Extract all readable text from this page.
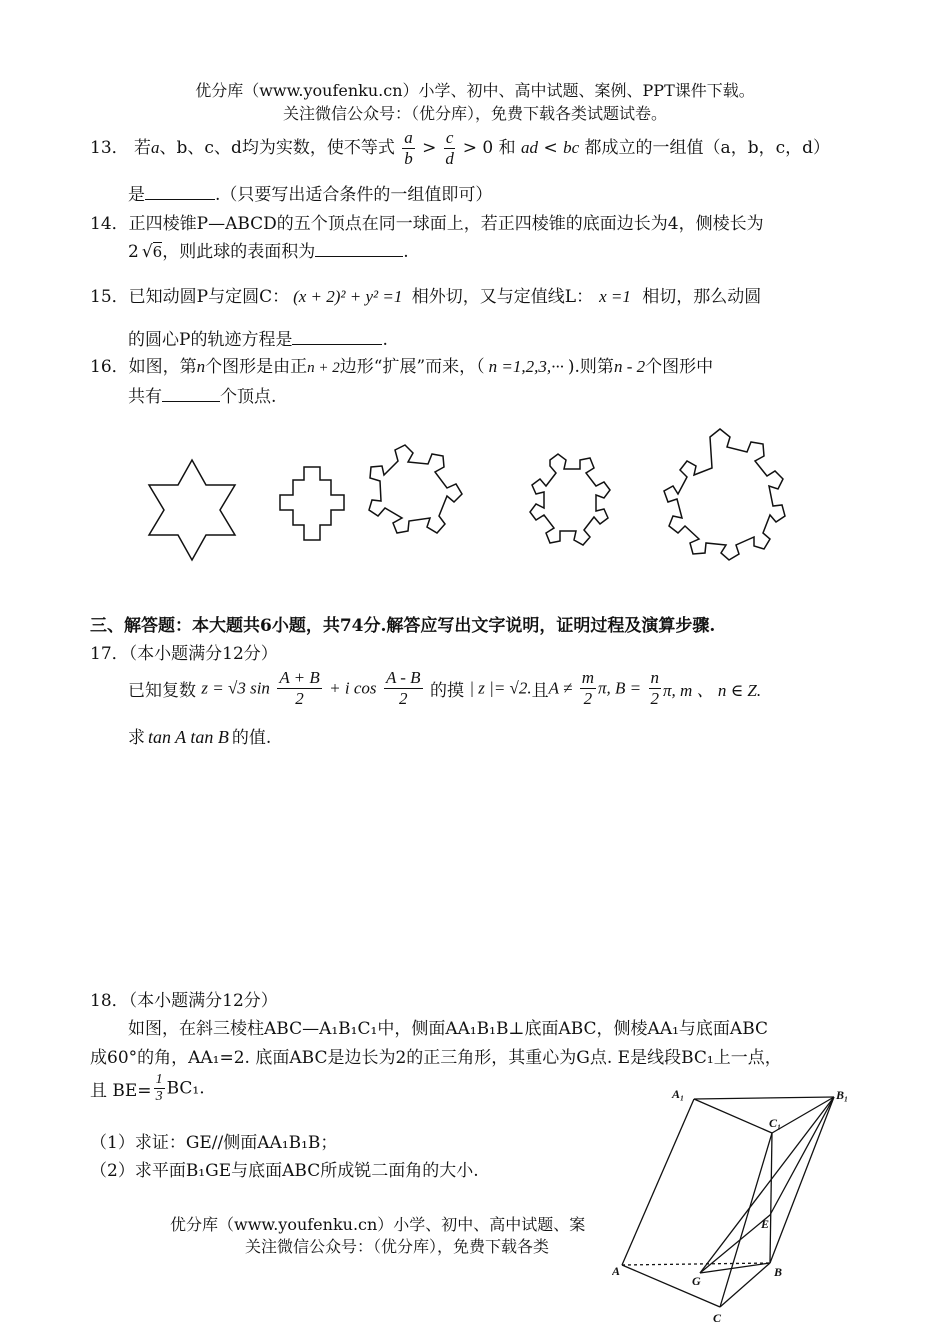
优分库（www.youfenku.cn）小学、初中、高中试题、案例、PPT课件下载。
关注微信公众号：（优分库），免费下载各类试题试卷。
13． 若a、b、c、d均为实数，使不等式 $\frac{a}{b} > \frac{c}{d} > 0$ 和 ad < bc 都成立的一组值（a，b，c，d）
是	.（只要写出适合条件的一组值即可）
14．正四棱锥P—ABCD的五个顶点在同一球面上，若正四棱锥的底面边长为4，侧棱长为
2 √6，则此球的表面积为	.
15．已知动圆P与定圆C： (x + 2)² + y² =1 相外切，又与定值线L： x =1 相切，那么动圆
的圆心P的轨迹方程是	.
16．如图，第n个图形是由正n + 2边形“扩展”而来，（ n =1,2,3,··· ).则第n - 2个图形中
共有	个顶点.
三、解答题：本大题共6小题，共74分.解答应写出文字说明，证明过程及演算步骤.
17．（本小题满分12分）
已知复数 z = √3 $\sin \frac{A + B}{2} + i$ $\cos \frac{A - B}{2}$ 的摸 | z |= √2.且$A \ne \frac{m}{2} \pi$, $B = \frac{n}{2} \pi$, m 、 n ∈ Z.
求 tan A tan B 的值.
18．（本小题满分12分）
如图，在斜三棱柱ABC—A₁B₁C₁中，侧面AA₁B₁B⊥底面ABC，侧棱AA₁与底面ABC
成60°的角，AA₁=2. 底面ABC是边长为2的正三角形，其重心为G点. E是线段BC₁上一点，
且 $BE= \frac{1}{3} BC_1$.
（1）求证：GE//侧面AA₁B₁B；
（2）求平面B₁GE与底面ABC所成锐二面角的大小.
优分库（www.youfenku.cn）小学、初中、高中试题、案
关注微信公众号：（优分库），免费下载各类
A₁	B₁
C₁
E
A
G
B
C
